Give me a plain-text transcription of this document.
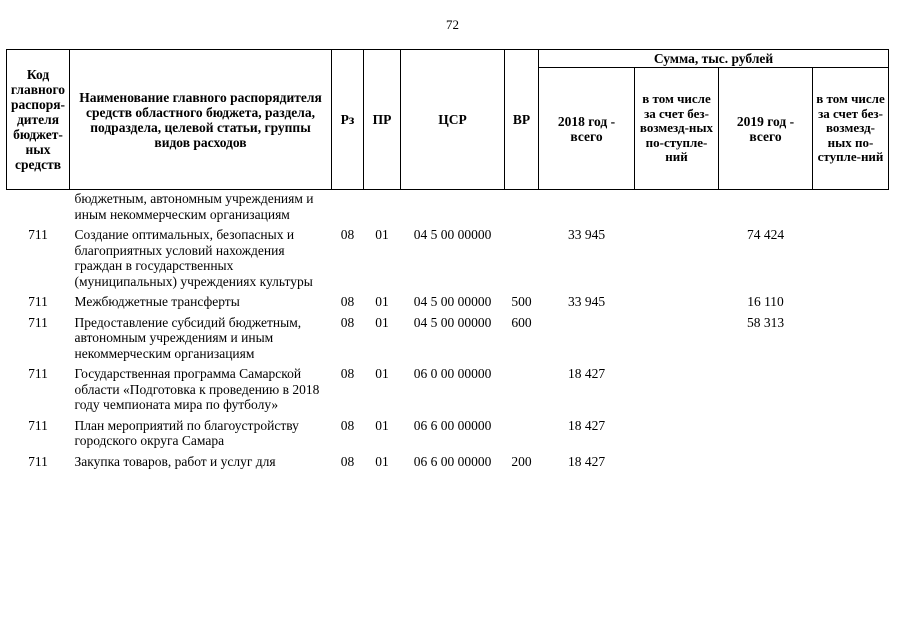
72
Код главного распоря-дителя бюджет-ных средств	Наименование главного распорядителя средств областного бюджета, раздела, подраздела, целевой статьи, группы видов расходов	Рз	ПР	ЦСР	ВР	Сумма, тыс. рублей			
						2018 год - всего	в том числе за счет без-возмезд-ных по-ступле-ний	2019 год - всего	в том числе за счет без-возмезд-ных по-ступле-ний
	бюджетным, автономным учреждениям и иным некоммерческим организациям								
711	Создание оптимальных, безопасных и благоприятных условий нахождения граждан в государственных (муниципальных) учреждениях культуры	08	01	04 5 00 00000		33 945		74 424	
711	Межбюджетные трансферты	08	01	04 5 00 00000	500	33 945		16 110	
711	Предоставление субсидий бюджетным, автономным учреждениям и иным некоммерческим организациям	08	01	04 5 00 00000	600			58 313	
711	Государственная программа Самарской области «Подготовка к проведению в 2018 году чемпионата мира по футболу»	08	01	06 0 00 00000		18 427			
711	План мероприятий по благоустройству городского округа Самара	08	01	06 6 00 00000		18 427			
711	Закупка товаров, работ и услуг для	08	01	06 6 00 00000	200	18 427			
